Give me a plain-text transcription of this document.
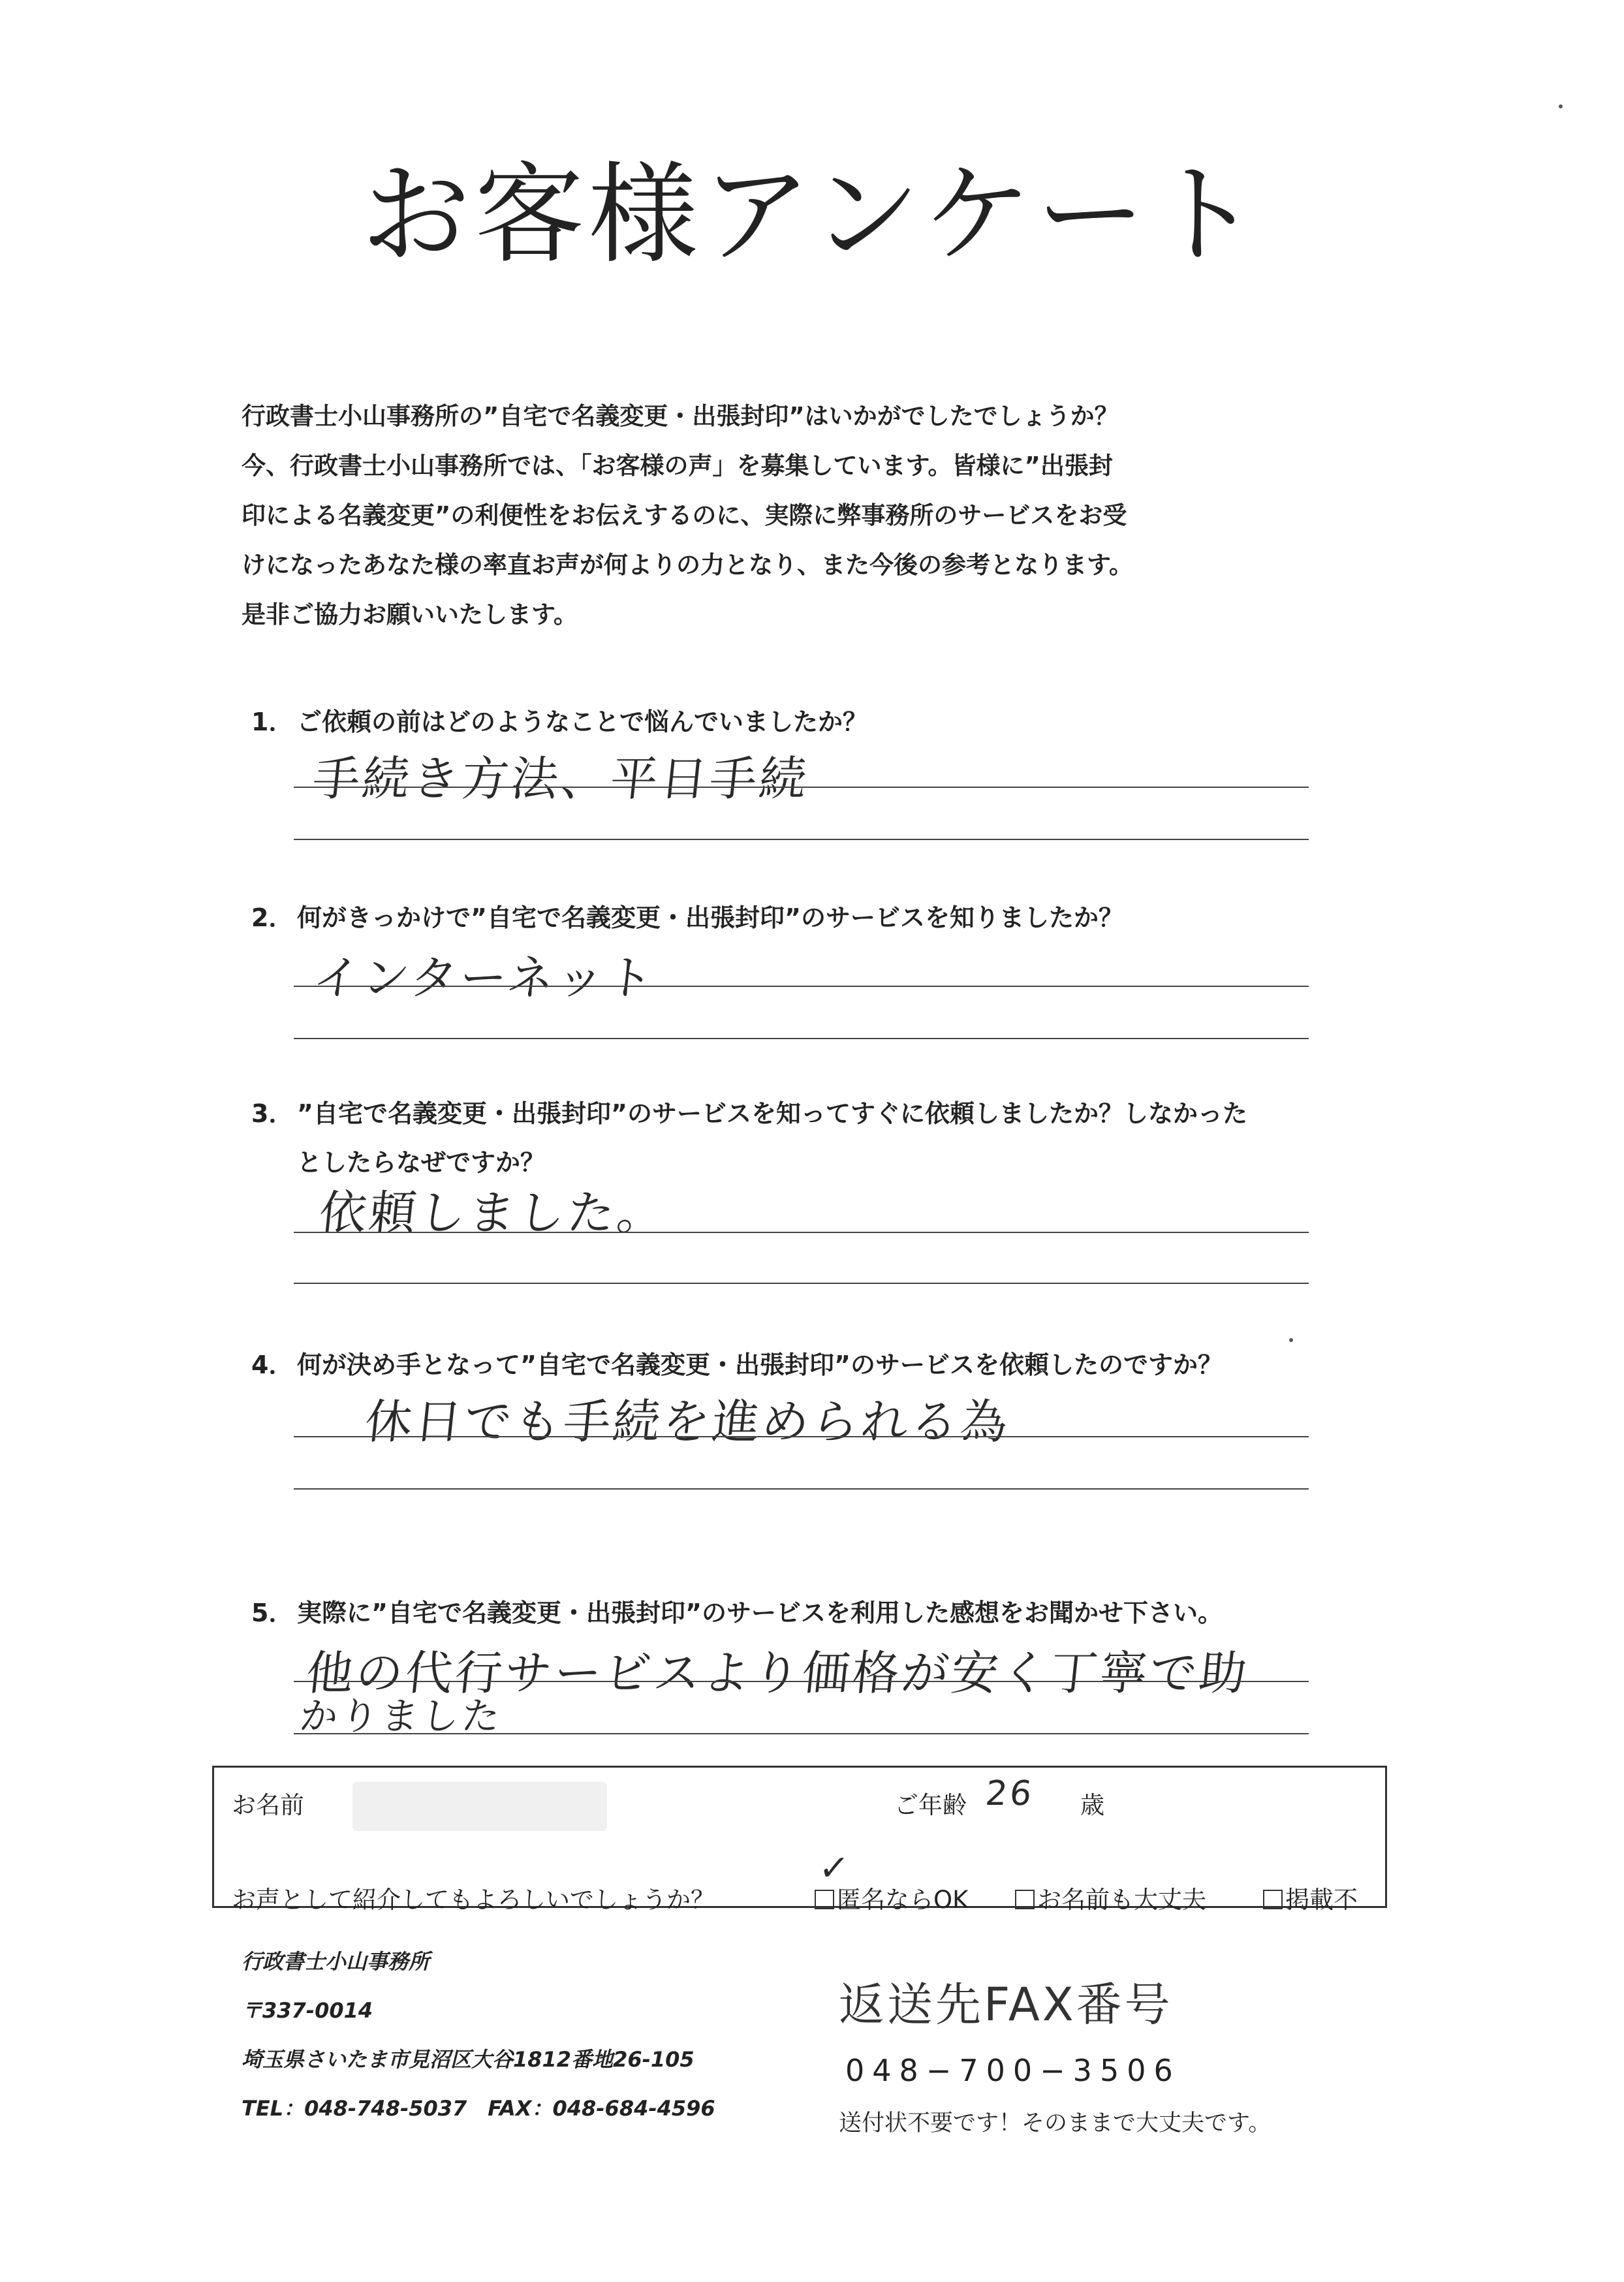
お客様アンケート
行政書士小山事務所の”自宅で名義変更・出張封印”はいかがでしたでしょうか？
今、行政書士小山事務所では、「お客様の声」を募集しています。皆様に”出張封
印による名義変更”の利便性をお伝えするのに、実際に弊事務所のサービスをお受
けになったあなた様の率直お声が何よりの力となり、また今後の参考となります。
是非ご協力お願いいたします。
1． ご依頼の前はどのようなことで悩んでいましたか？
手続き方法、平日手続
2． 何がきっかけで”自宅で名義変更・出張封印”のサービスを知りましたか？
インターネット
3． ”自宅で名義変更・出張封印”のサービスを知ってすぐに依頼しましたか？しなかった
としたらなぜですか？
依頼しました。
4． 何が決め手となって”自宅で名義変更・出張封印”のサービスを依頼したのですか？
休日でも手続を進められる為
5． 実際に”自宅で名義変更・出張封印”のサービスを利用した感想をお聞かせ下さい。
他の代行サービスより価格が安く丁寧で助
かりました
お名前	ご年齢 26 歳
お声として紹介してもよろしいでしょうか？
✓
匿名ならOK	お名前も大丈夫	掲載不
行政書士小山事務所
〒337-0014
埼玉県さいたま市見沼区大谷1812番地26-105
TEL：048-748-5037　FAX：048-684-4596
返送先FAX番号
048−700−3506
送付状不要です！そのままで大丈夫です。
